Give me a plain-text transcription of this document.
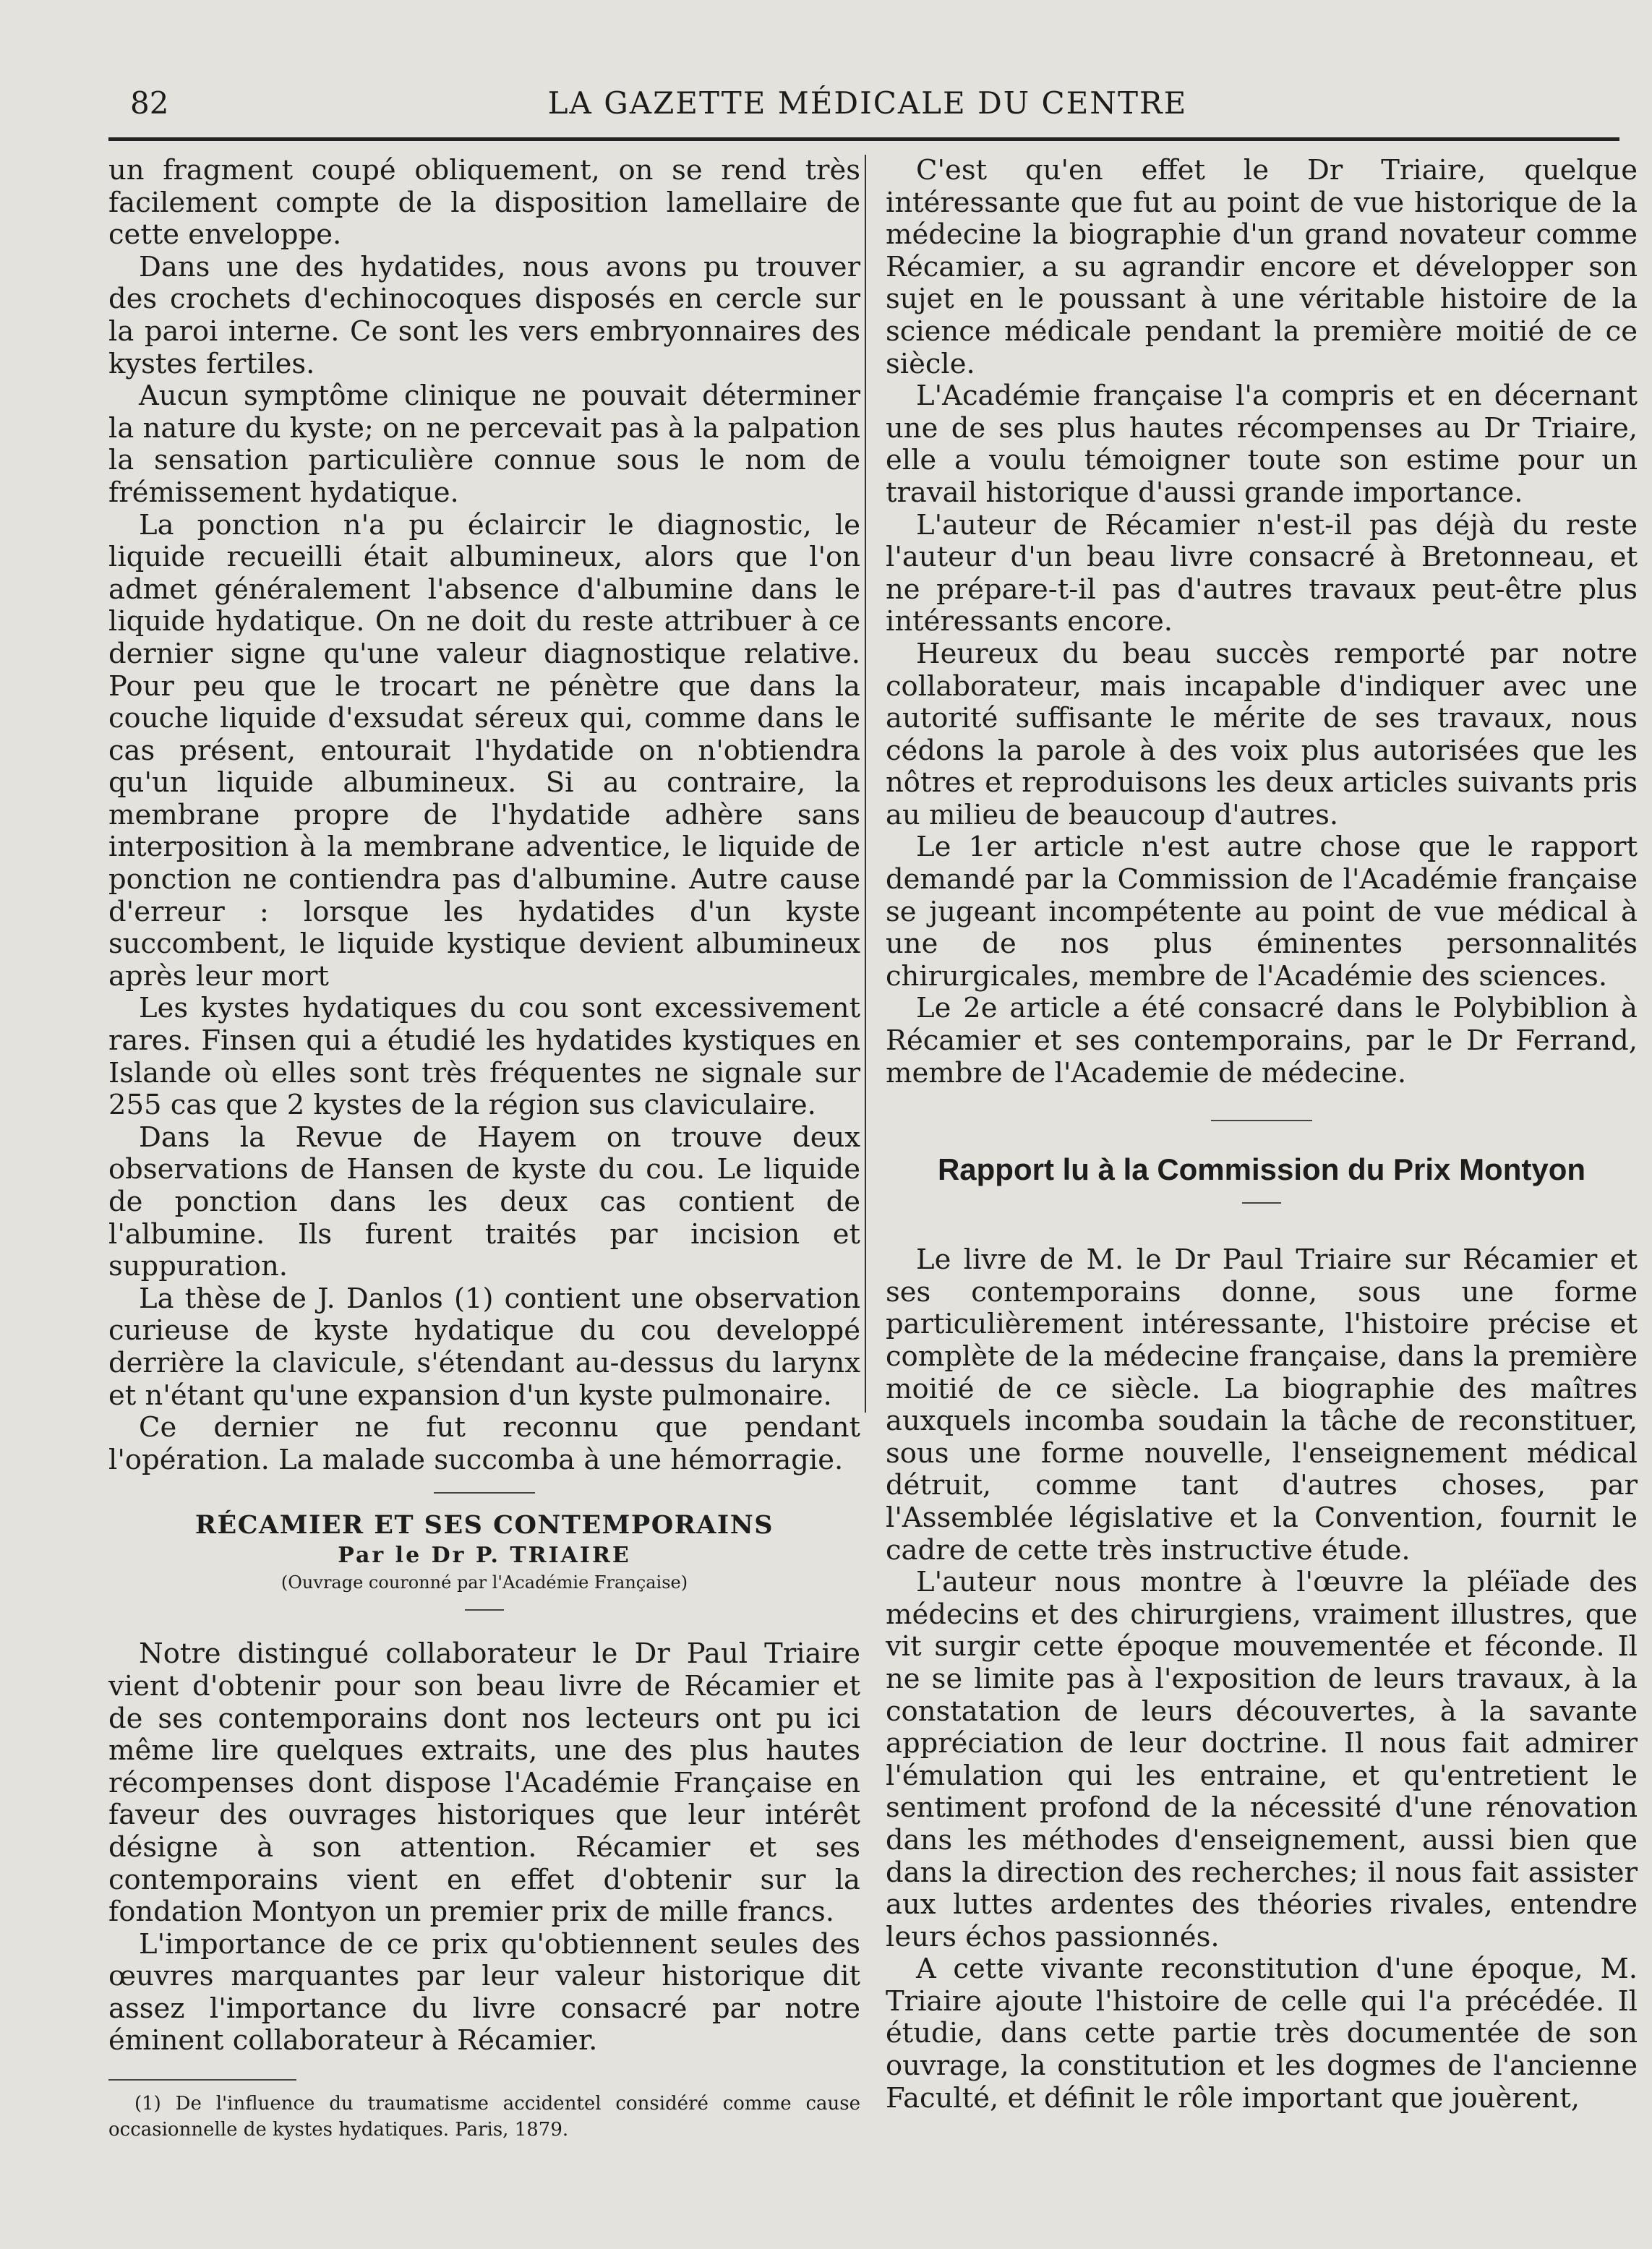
82	LA GAZETTE MÉDICALE DU CENTRE

un fragment coupé obliquement, on se rend très facilement compte de la disposition lamellaire de cette enveloppe.

Dans une des hydatides, nous avons pu trouver des crochets d'echinocoques disposés en cercle sur la paroi interne. Ce sont les vers embryonnaires des kystes fertiles.

Aucun symptôme clinique ne pouvait déterminer la nature du kyste; on ne percevait pas à la palpation la sensation particulière connue sous le nom de frémissement hydatique.

La ponction n'a pu éclaircir le diagnostic, le liquide recueilli était albumineux, alors que l'on admet généralement l'absence d'albumine dans le liquide hydatique. On ne doit du reste attribuer à ce dernier signe qu'une valeur diagnostique relative. Pour peu que le trocart ne pénètre que dans la couche liquide d'exsudat séreux qui, comme dans le cas présent, entourait l'hydatide on n'obtiendra qu'un liquide albumineux. Si au contraire, la membrane propre de l'hydatide adhère sans interposition à la membrane adventice, le liquide de ponction ne contiendra pas d'albumine. Autre cause d'erreur : lorsque les hydatides d'un kyste succombent, le liquide kystique devient albumineux après leur mort

Les kystes hydatiques du cou sont excessivement rares. Finsen qui a étudié les hydatides kystiques en Islande où elles sont très fréquentes ne signale sur 255 cas que 2 kystes de la région sus claviculaire.

Dans la Revue de Hayem on trouve deux observations de Hansen de kyste du cou. Le liquide de ponction dans les deux cas contient de l'albumine. Ils furent traités par incision et suppuration.

La thèse de J. Danlos (1) contient une observation curieuse de kyste hydatique du cou developpé derrière la clavicule, s'étendant au-dessus du larynx et n'étant qu'une expansion d'un kyste pulmonaire.

Ce dernier ne fut reconnu que pendant l'opération. La malade succomba à une hémorragie.

RÉCAMIER ET SES CONTEMPORAINS
Par le Dr P. TRIAIRE
(Ouvrage couronné par l'Académie Française)

Notre distingué collaborateur le Dr Paul Triaire vient d'obtenir pour son beau livre de Récamier et de ses contemporains dont nos lecteurs ont pu ici même lire quelques extraits, une des plus hautes récompenses dont dispose l'Académie Française en faveur des ouvrages historiques que leur intérêt désigne à son attention. Récamier et ses contemporains vient en effet d'obtenir sur la fondation Montyon un premier prix de mille francs.

L'importance de ce prix qu'obtiennent seules des œuvres marquantes par leur valeur historique dit assez l'importance du livre consacré par notre éminent collaborateur à Récamier.

(1) De l'influence du traumatisme accidentel considéré comme cause occasionnelle de kystes hydatiques. Paris, 1879.

C'est qu'en effet le Dr Triaire, quelque intéressante que fut au point de vue historique de la médecine la biographie d'un grand novateur comme Récamier, a su agrandir encore et développer son sujet en le poussant à une véritable histoire de la science médicale pendant la première moitié de ce siècle.

L'Académie française l'a compris et en décernant une de ses plus hautes récompenses au Dr Triaire, elle a voulu témoigner toute son estime pour un travail historique d'aussi grande importance.

L'auteur de Récamier n'est-il pas déjà du reste l'auteur d'un beau livre consacré à Bretonneau, et ne prépare-t-il pas d'autres travaux peut-être plus intéressants encore.

Heureux du beau succès remporté par notre collaborateur, mais incapable d'indiquer avec une autorité suffisante le mérite de ses travaux, nous cédons la parole à des voix plus autorisées que les nôtres et reproduisons les deux articles suivants pris au milieu de beaucoup d'autres.

Le 1er article n'est autre chose que le rapport demandé par la Commission de l'Académie française se jugeant incompétente au point de vue médical à une de nos plus éminentes personnalités chirurgicales, membre de l'Académie des sciences.

Le 2e article a été consacré dans le Polybiblion à Récamier et ses contemporains, par le Dr Ferrand, membre de l'Academie de médecine.

Rapport lu à la Commission du Prix Montyon

Le livre de M. le Dr Paul Triaire sur Récamier et ses contemporains donne, sous une forme particulièrement intéressante, l'histoire précise et complète de la médecine française, dans la première moitié de ce siècle. La biographie des maîtres auxquels incomba soudain la tâche de reconstituer, sous une forme nouvelle, l'enseignement médical détruit, comme tant d'autres choses, par l'Assemblée législative et la Convention, fournit le cadre de cette très instructive étude.

L'auteur nous montre à l'œuvre la pléïade des médecins et des chirurgiens, vraiment illustres, que vit surgir cette époque mouvementée et féconde. Il ne se limite pas à l'exposition de leurs travaux, à la constatation de leurs découvertes, à la savante appréciation de leur doctrine. Il nous fait admirer l'émulation qui les entraine, et qu'entretient le sentiment profond de la nécessité d'une rénovation dans les méthodes d'enseignement, aussi bien que dans la direction des recherches; il nous fait assister aux luttes ardentes des théories rivales, entendre leurs échos passionnés.

A cette vivante reconstitution d'une époque, M. Triaire ajoute l'histoire de celle qui l'a précédée. Il étudie, dans cette partie très documentée de son ouvrage, la constitution et les dogmes de l'ancienne Faculté, et définit le rôle important que jouèrent,
